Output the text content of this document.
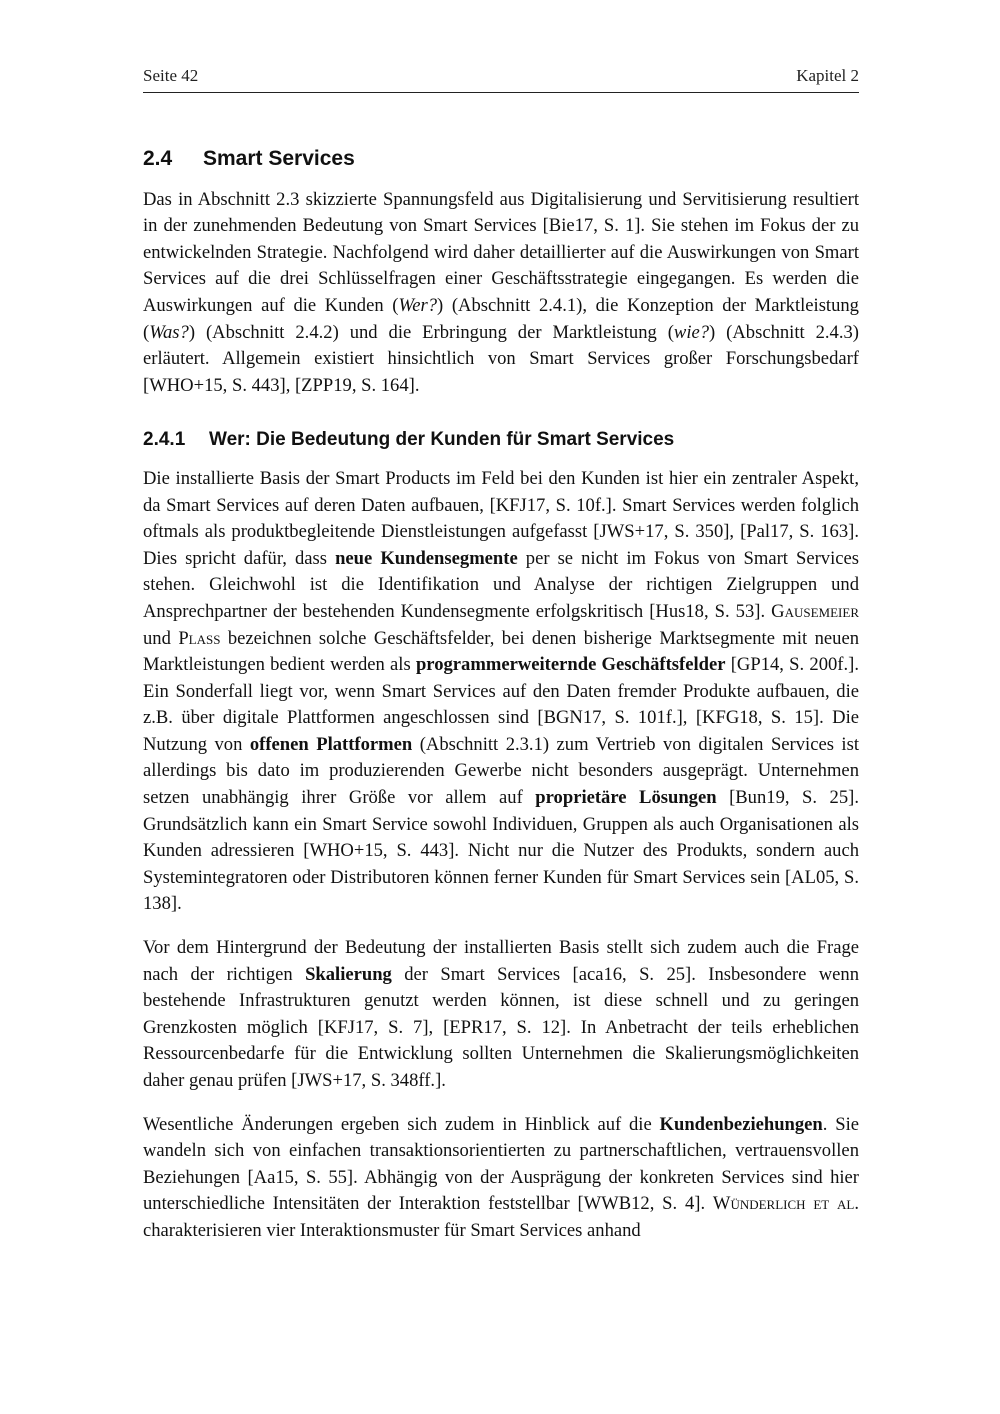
Seite 42	Kapitel 2
2.4 Smart Services

Das in Abschnitt 2.3 skizzierte Spannungsfeld aus Digitalisierung und Servitisierung resultiert in der zunehmenden Bedeutung von Smart Services [Bie17, S. 1]. Sie stehen im Fokus der zu entwickelnden Strategie. Nachfolgend wird daher detaillierter auf die Auswirkungen von Smart Services auf die drei Schlüsselfragen einer Geschäftsstrategie eingegangen. Es werden die Auswirkungen auf die Kunden (Wer?) (Abschnitt 2.4.1), die Konzeption der Marktleistung (Was?) (Abschnitt 2.4.2) und die Erbringung der Marktleistung (wie?) (Abschnitt 2.4.3) erläutert. Allgemein existiert hinsichtlich von Smart Services großer Forschungsbedarf [WHO+15, S. 443], [ZPP19, S. 164].

2.4.1 Wer: Die Bedeutung der Kunden für Smart Services

Die installierte Basis der Smart Products im Feld bei den Kunden ist hier ein zentraler Aspekt, da Smart Services auf deren Daten aufbauen, [KFJ17, S. 10f.]. Smart Services werden folglich oftmals als produktbegleitende Dienstleistungen aufgefasst [JWS+17, S. 350], [Pal17, S. 163]. Dies spricht dafür, dass neue Kundensegmente per se nicht im Fokus von Smart Services stehen. Gleichwohl ist die Identifikation und Analyse der richtigen Zielgruppen und Ansprechpartner der bestehenden Kundensegmente erfolgskritisch [Hus18, S. 53]. Gausemeier und Plass bezeichnen solche Geschäftsfelder, bei denen bisherige Marktsegmente mit neuen Marktleistungen bedient werden als programmerweiternde Geschäftsfelder [GP14, S. 200f.]. Ein Sonderfall liegt vor, wenn Smart Services auf den Daten fremder Produkte aufbauen, die z.B. über digitale Plattformen angeschlossen sind [BGN17, S. 101f.], [KFG18, S. 15]. Die Nutzung von offenen Plattformen (Abschnitt 2.3.1) zum Vertrieb von digitalen Services ist allerdings bis dato im produzierenden Gewerbe nicht besonders ausgeprägt. Unternehmen setzen unabhängig ihrer Größe vor allem auf proprietäre Lösungen [Bun19, S. 25]. Grundsätzlich kann ein Smart Service sowohl Individuen, Gruppen als auch Organisationen als Kunden adressieren [WHO+15, S. 443]. Nicht nur die Nutzer des Produkts, sondern auch Systemintegratoren oder Distributoren können ferner Kunden für Smart Services sein [AL05, S. 138].

Vor dem Hintergrund der Bedeutung der installierten Basis stellt sich zudem auch die Frage nach der richtigen Skalierung der Smart Services [aca16, S. 25]. Insbesondere wenn bestehende Infrastrukturen genutzt werden können, ist diese schnell und zu geringen Grenzkosten möglich [KFJ17, S. 7], [EPR17, S. 12]. In Anbetracht der teils erheblichen Ressourcenbedarfe für die Entwicklung sollten Unternehmen die Skalierungsmöglichkeiten daher genau prüfen [JWS+17, S. 348ff.].

Wesentliche Änderungen ergeben sich zudem in Hinblick auf die Kundenbeziehungen. Sie wandeln sich von einfachen transaktionsorientierten zu partnerschaftlichen, vertrauensvollen Beziehungen [Aa15, S. 55]. Abhängig von der Ausprägung der konkreten Services sind hier unterschiedliche Intensitäten der Interaktion feststellbar [WWB12, S. 4]. Wünderlich et al. charakterisieren vier Interaktionsmuster für Smart Services anhand
